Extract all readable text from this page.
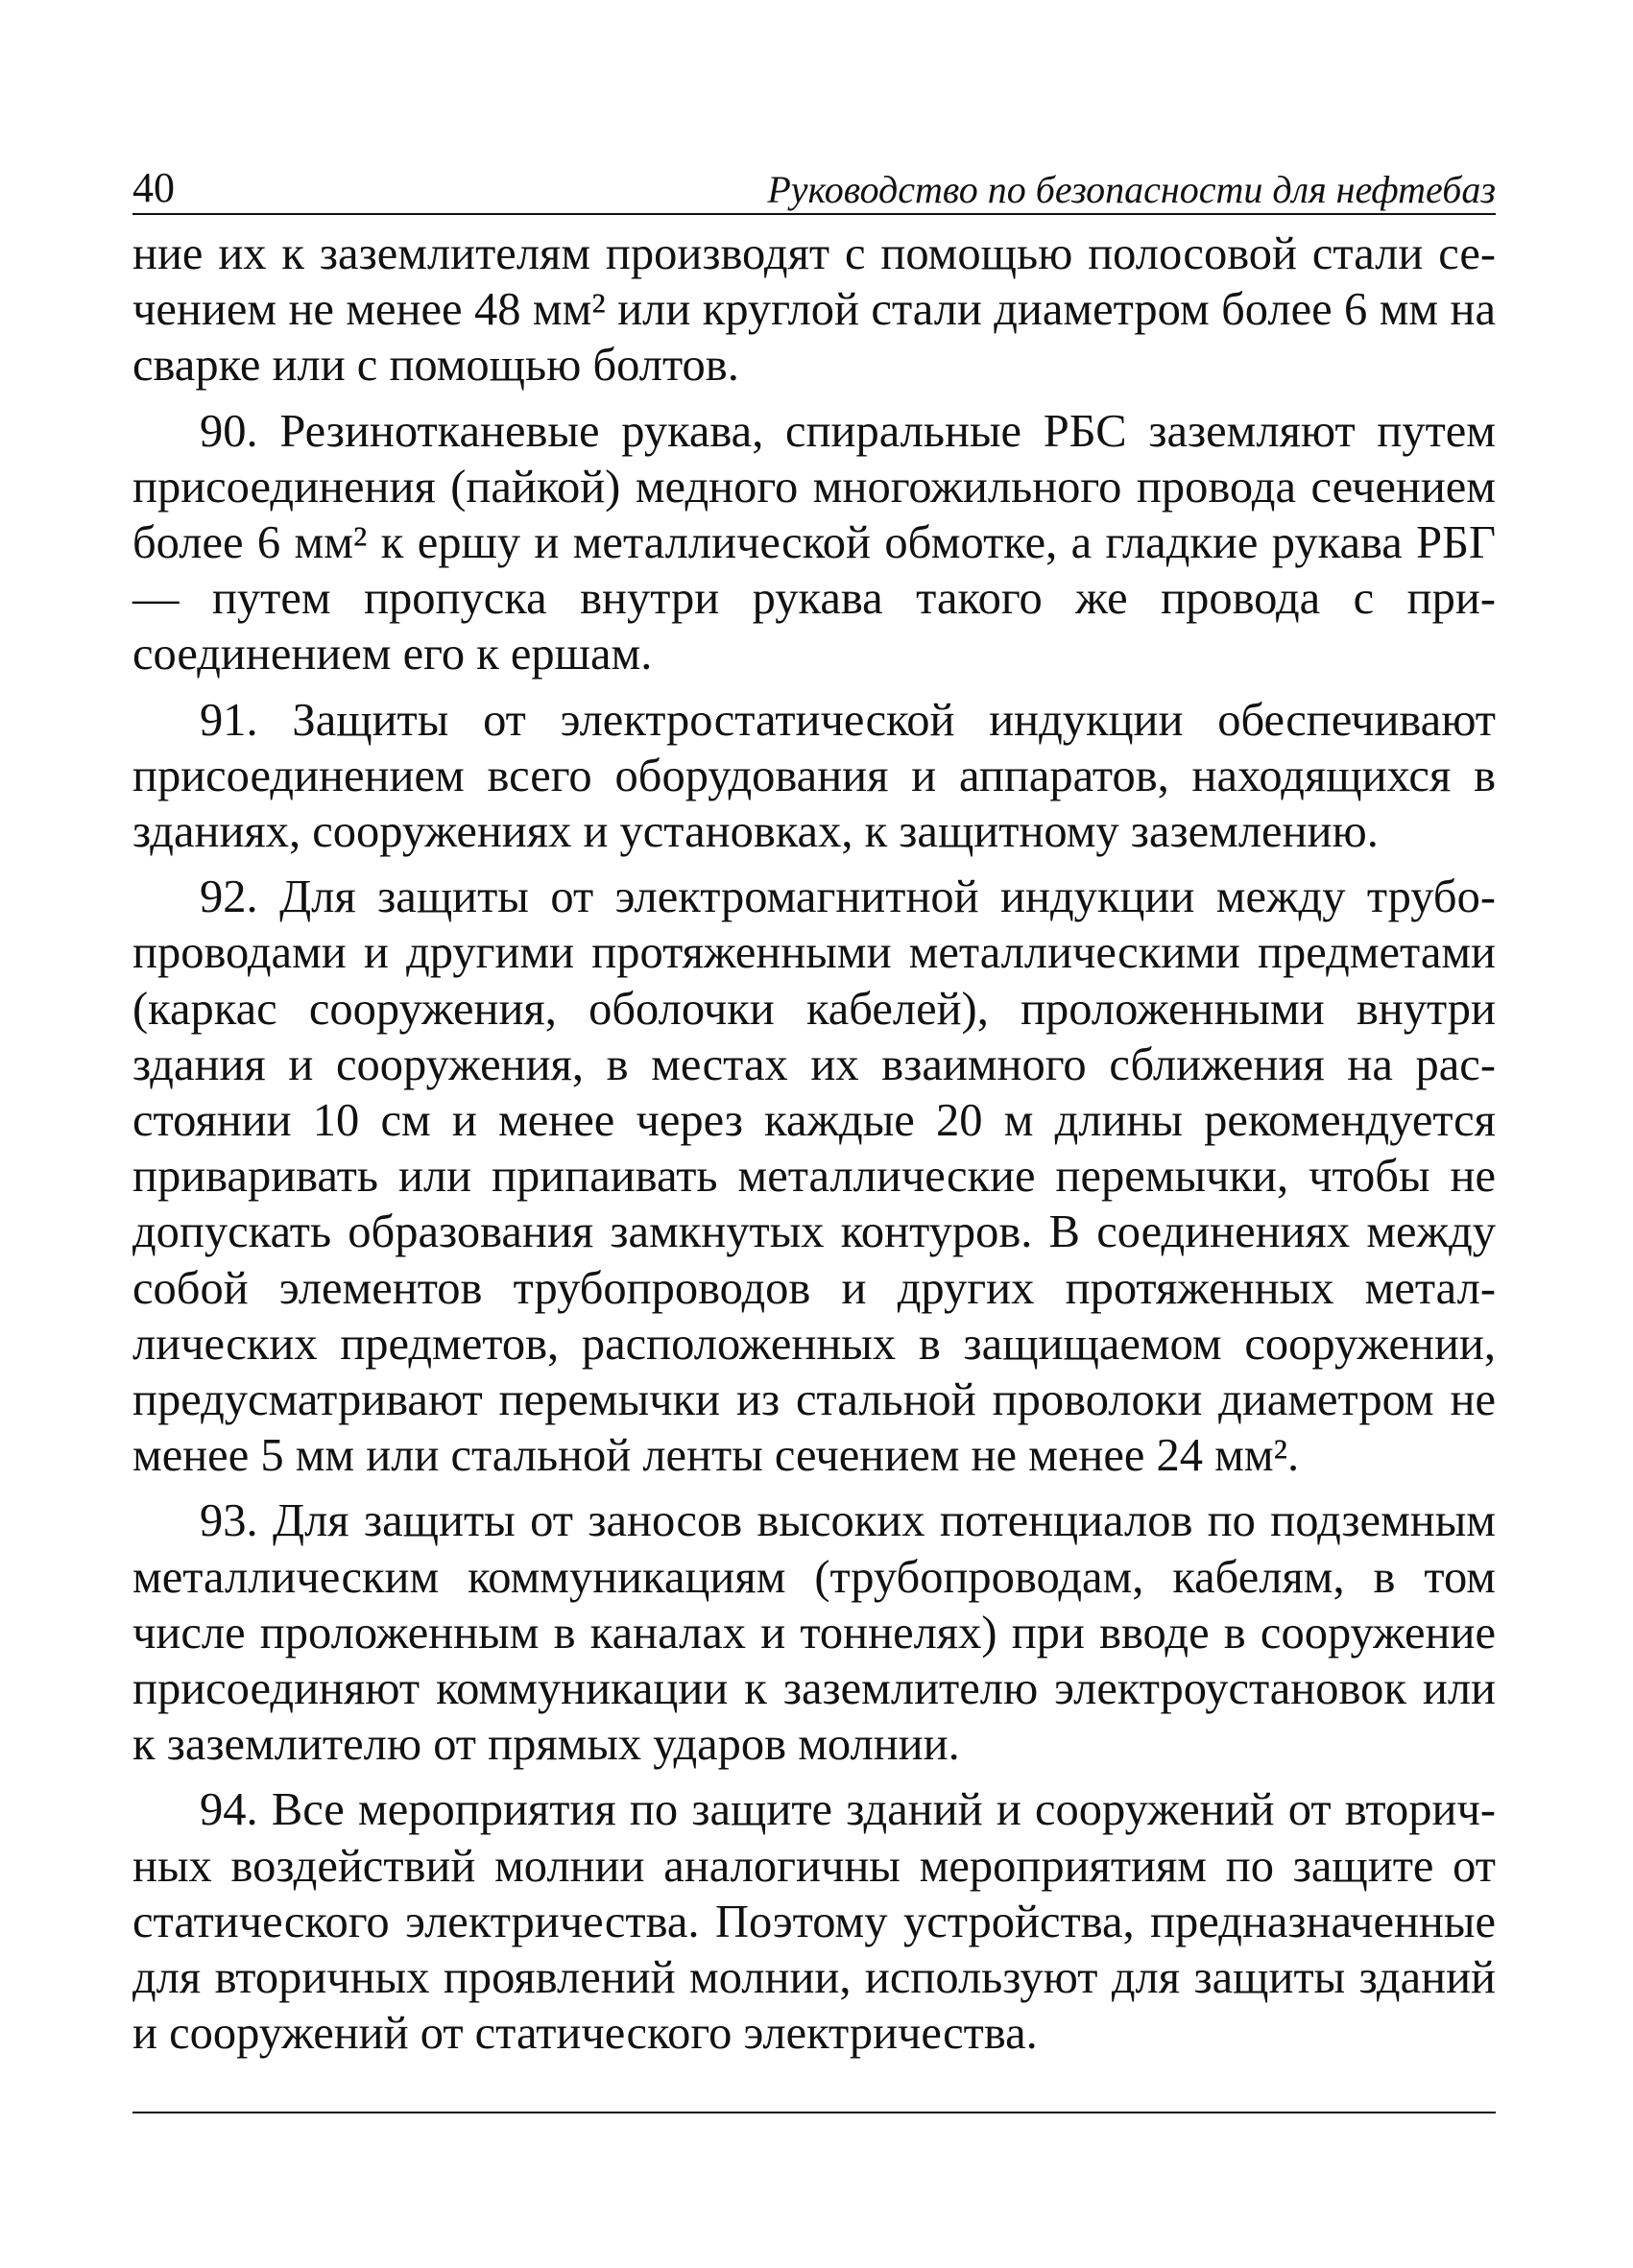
40	Руководство по безопасности для нефтебаз

ние их к заземлителям производят с помощью полосовой стали сечением не менее 48 мм² или круглой стали диаметром более 6 мм на сварке или с помощью болтов.

90. Резинотканевые рукава, спиральные РБС заземляют путем присоединения (пайкой) медного многожильного провода сечением более 6 мм² к ершу и металлической обмотке, а гладкие рукава РБГ — путем пропуска внутри рукава такого же провода с присоединением его к ершам.

91. Защиты от электростатической индукции обеспечивают присоединением всего оборудования и аппаратов, находящихся в зданиях, сооружениях и установках, к защитному заземлению.

92. Для защиты от электромагнитной индукции между трубопроводами и другими протяженными металлическими предметами (каркас сооружения, оболочки кабелей), проложенными внутри здания и сооружения, в местах их взаимного сближения на расстоянии 10 см и менее через каждые 20 м длины рекомендуется приваривать или припаивать металлические перемычки, чтобы не допускать образования замкнутых контуров. В соединениях между собой элементов трубопроводов и других протяженных металлических предметов, расположенных в защищаемом сооружении, предусматривают перемычки из стальной проволоки диаметром не менее 5 мм или стальной ленты сечением не менее 24 мм².

93. Для защиты от заносов высоких потенциалов по подземным металлическим коммуникациям (трубопроводам, кабелям, в том числе проложенным в каналах и тоннелях) при вводе в сооружение присоединяют коммуникации к заземлителю электроустановок или к заземлителю от прямых ударов молнии.

94. Все мероприятия по защите зданий и сооружений от вторичных воздействий молнии аналогичны мероприятиям по защите от статического электричества. Поэтому устройства, предназначенные для вторичных проявлений молнии, используют для защиты зданий и сооружений от статического электричества.
